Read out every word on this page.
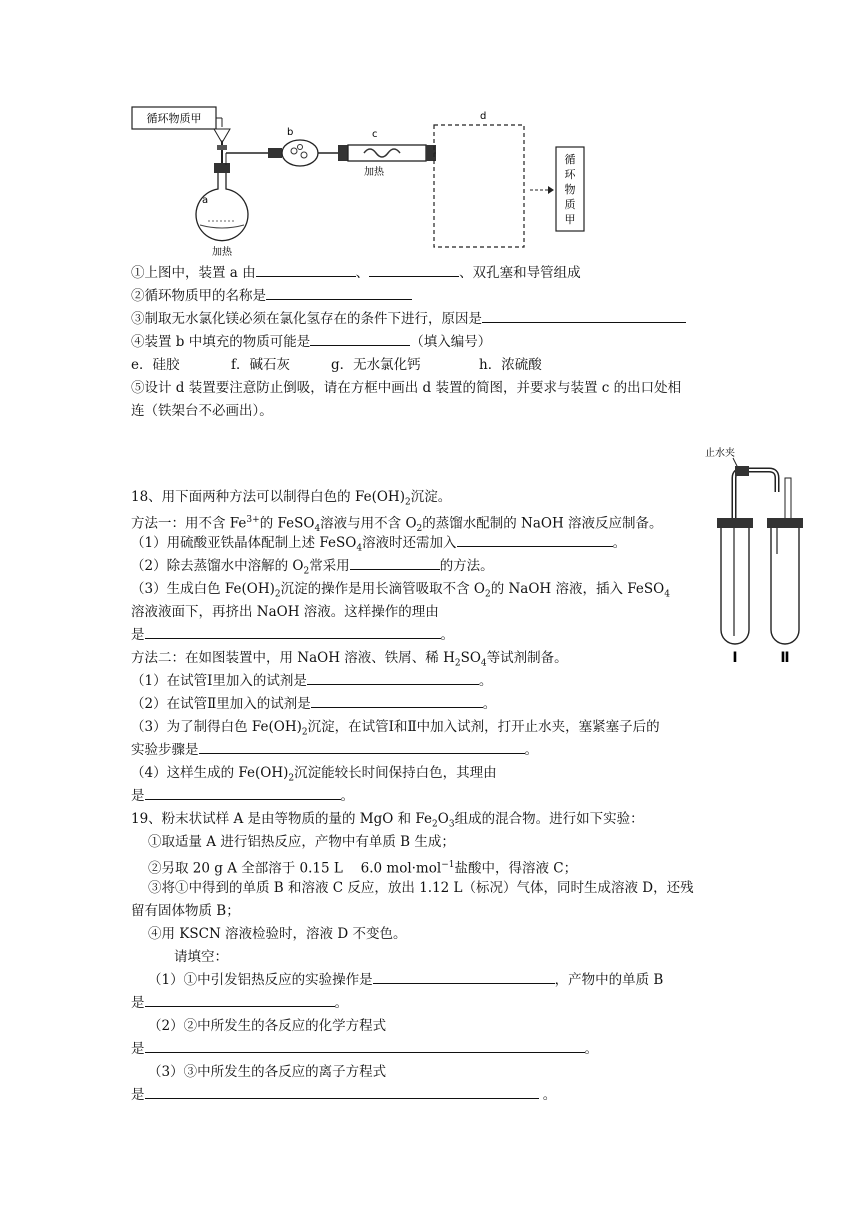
循环物质甲
a
加热
b	c
加热
d
循
环
物
质
甲
①上图中，装置 a 由	、	、双孔塞和导管组成
②循环物质甲的名称是
③制取无水氯化镁必须在氯化氢存在的条件下进行，原因是
④装置 b 中填充的物质可能是	（填入编号）
e．硅胶	f．碱石灰	g．无水氯化钙	h．浓硫酸
⑤设计 d 装置要注意防止倒吸，请在方框中画出 d 装置的简图，并要求与装置 c 的出口处相
连（铁架台不必画出）。
止水夹
Ⅰ	Ⅱ
18、用下面两种方法可以制得白色的 $Fe(OH)_2$沉淀。
方法一：用不含 $Fe^{3+}$的 FeSO$_4$溶液与用不含 $O_2$的蒸馏水配制的 NaOH 溶液反应制备。
（1）用硫酸亚铁晶体配制上述 FeSO$_4$溶液时还需加入	。
（2）除去蒸馏水中溶解的 $O_2$常采用	的方法。
（3）生成白色 $Fe(OH)_2$沉淀的操作是用长滴管吸取不含 $O_2$的 NaOH 溶液，插入 FeSO$_4$
溶液液面下，再挤出 NaOH 溶液。这样操作的理由
是	。
方法二：在如图装置中，用 NaOH 溶液、铁屑、稀 $H_2SO_4$等试剂制备。
（1）在试管Ⅰ里加入的试剂是	。
（2）在试管Ⅱ里加入的试剂是	。
（3）为了制得白色 $Fe(OH)_2$沉淀，在试管Ⅰ和Ⅱ中加入试剂，打开止水夹，塞紧塞子后的
实验步骤是	。
（4）这样生成的 $Fe(OH)_2$沉淀能较长时间保持白色，其理由
是	。
19、粉末状试样 A 是由等物质的量的 MgO 和 $Fe_2O_3$组成的混合物。进行如下实验：
①取适量 A 进行铝热反应，产物中有单质 B 生成；
②另取 20 g A 全部溶于 0.15 L　 6.0 mol·mol$^{-1}$盐酸中，得溶液 C；
③将①中得到的单质 B 和溶液 C 反应，放出 1.12 L（标况）气体，同时生成溶液 D，还残
留有固体物质 B；
④用 KSCN 溶液检验时，溶液 D 不变色。
请填空：
（1）①中引发铝热反应的实验操作是	，产物中的单质 B
是	。
（2）②中所发生的各反应的化学方程式
是	。
（3）③中所发生的各反应的离子方程式
是	。
